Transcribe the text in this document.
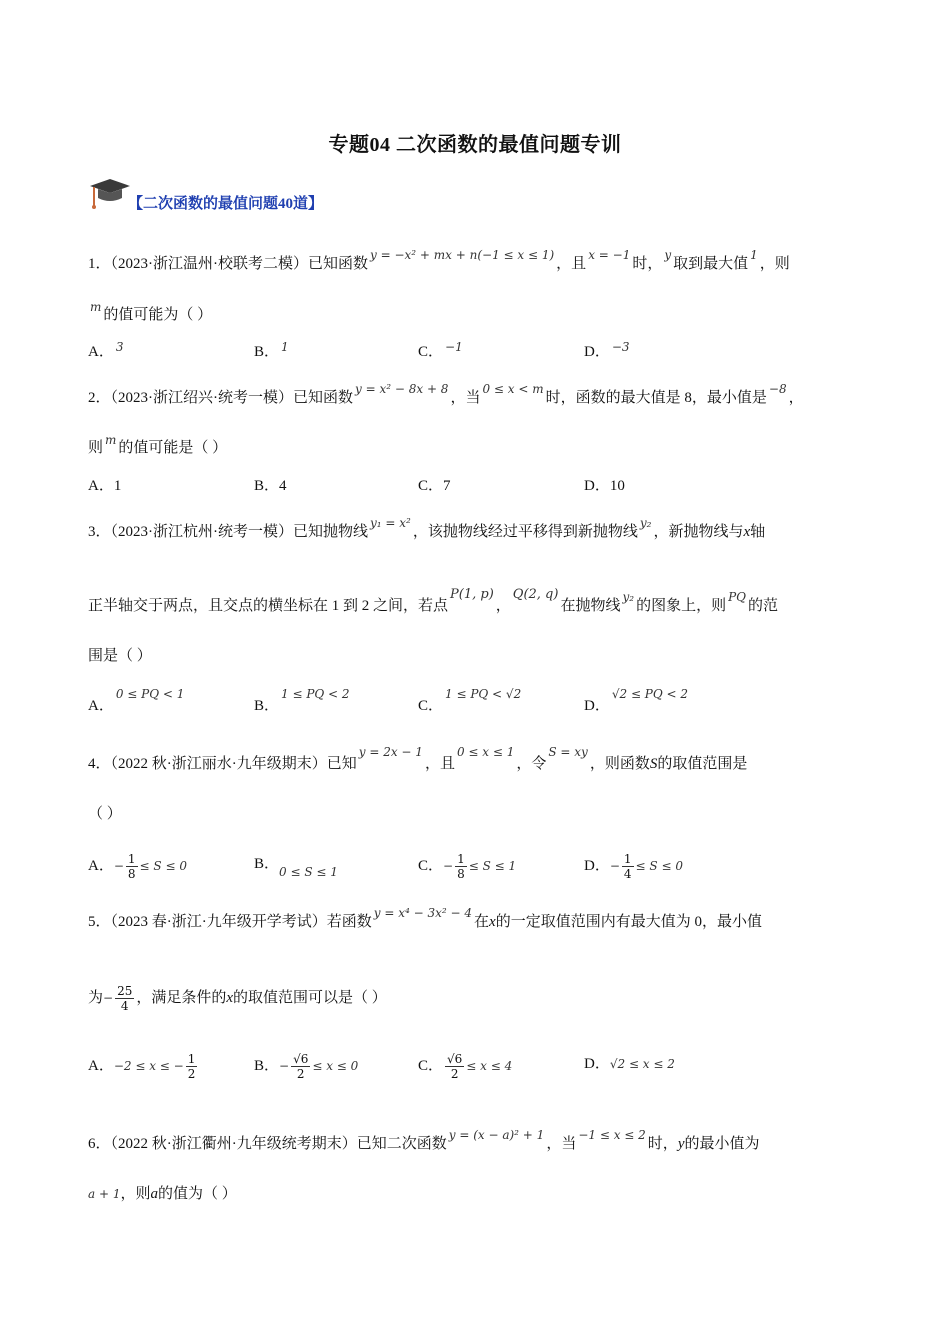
专题04 二次函数的最值问题专训
【二次函数的最值问题40道】
1．（2023·浙江温州·校联考二模）已知函数$^{y = -x^2 + mx + n(-1 \le x \le 1)}$，且$^{x = -1}$时，$^y$取到最大值$^1$，则
$^m$ 的值可能为（ ）
A． $^3$	B． $^1$	C． $^{-1}$	D． $^{-3}$
2．（2023·浙江绍兴·统考一模）已知函数$^{y = x^2 - 8x + 8}$，当$^{0 \le x < m}$时，函数的最大值是 8，最小值是$^{-8}$，
则 $^m$ 的值可能是（ ）
A．1	B．4	C．7	D．10
3．（2023·浙江杭州·统考一模）已知抛物线$^{y_1 = x^2}$，该抛物线经过平移得到新抛物线$^{y_2}$，新抛物线与x轴
正半轴交于两点，且交点的横坐标在 1 到 2 之间，若点P(1, p)，Q(2, q)在抛物线$^{y_2}$的图象上，则$^{PQ}$的范
围是（ ）
A．$^{0 \le PQ < 1}$
B．$^{1 \le PQ < 2}$
C．$^{1 \le PQ < √2}$
D．$^{√2 \le PQ < 2}$
4．（2022 秋·浙江丽水·九年级期末）已知$^{y = 2x - 1}$，且$^{0 \le x \le 1}$，令$^{S = xy}$，则函数S的取值范围是
（ ）
A．− $\frac{1}{8} \le S \le 0$	B．$_{0 \le S \le 1}$	C．− $\frac{1}{8} \le S \le 1$	D．− $\frac{1}{4} \le S \le 0$
5．（2023 春·浙江·九年级开学考试）若函数$^{y = x^4 - 3x^2 - 4}$在x的一定取值范围内有最大值为 0，最小值
为− $\frac{25}{4}$ ，满足条件的x的取值范围可以是（ ）
A．−2 ≤ x ≤ − $\frac{1}{2}$	B．− $\frac{√6}{2} \le x \le 0$	C． $\frac{√6}{2} \le x \le 4$	D．√2 ≤ x ≤ 2
6．（2022 秋·浙江衢州·九年级统考期末）已知二次函数$^{y = (x - a)^2 + 1}$，当$^{-1 \le x \le 2}$时，y的最小值为
a + 1，则a的值为（ ）
